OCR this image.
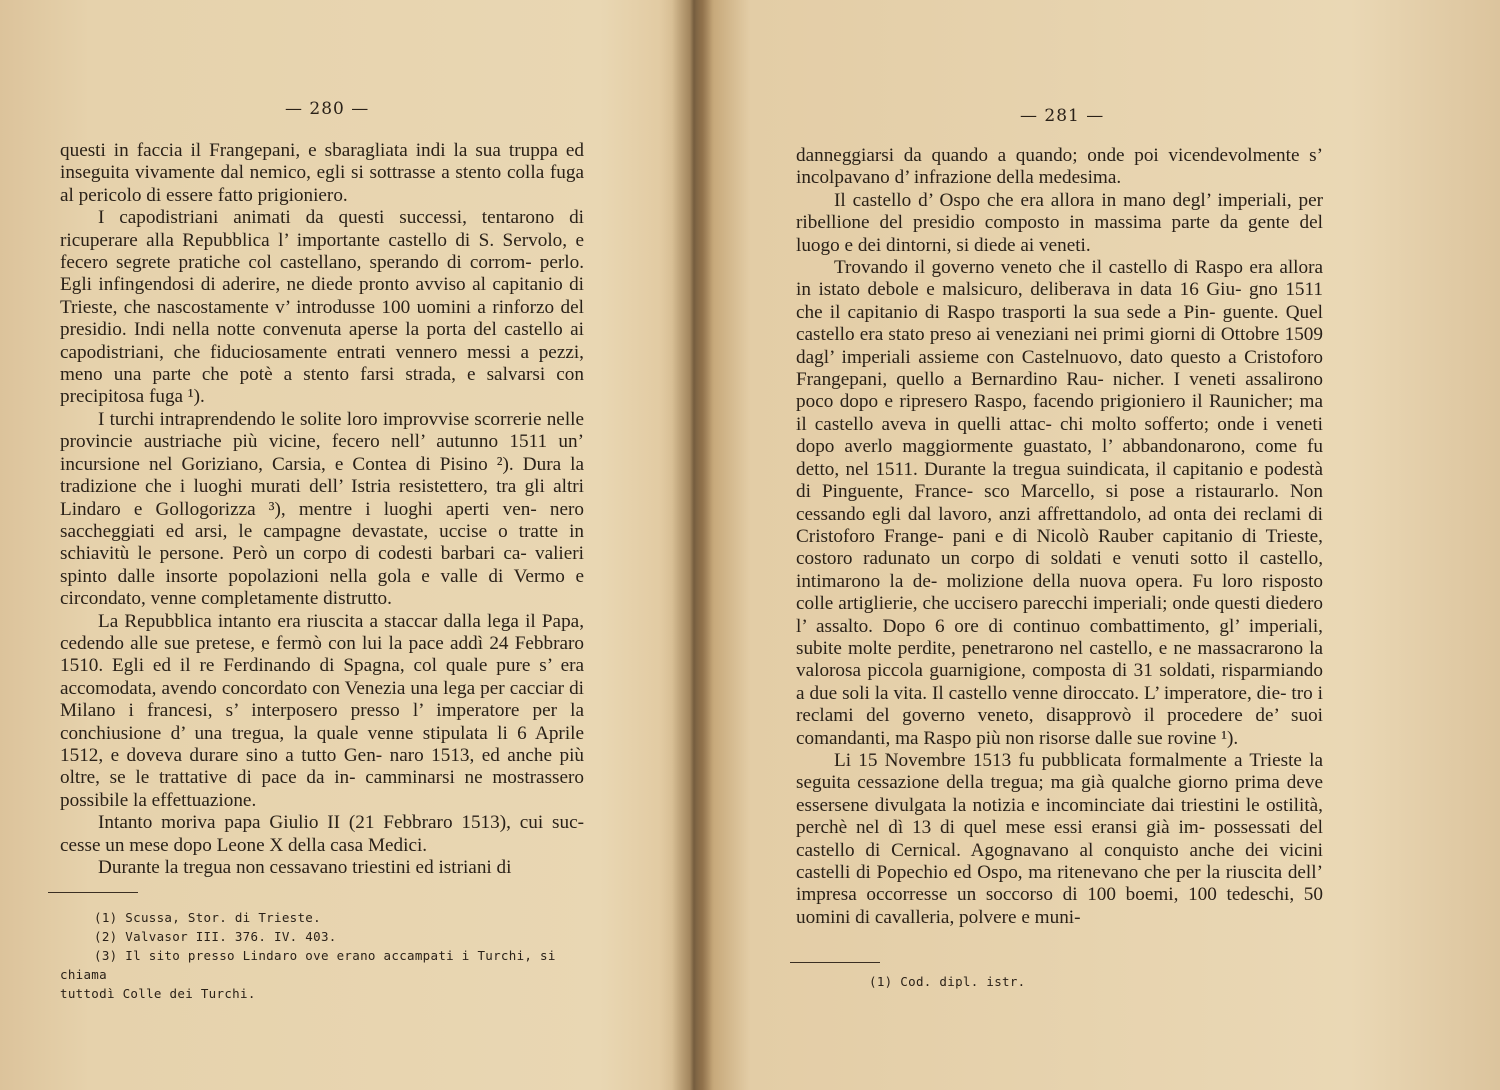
— 280 —

questi in faccia il Frangepani, e sbaragliata indi la sua truppa ed inseguita vivamente dal nemico, egli si sottrasse a stento colla fuga al pericolo di essere fatto prigioniero.

I capodistriani animati da questi successi, tentarono di ricuperare alla Repubblica l’ importante castello di S. Servolo, e fecero segrete pratiche col castellano, sperando di corrom- perlo. Egli infingendosi di aderire, ne diede pronto avviso al capitanio di Trieste, che nascostamente v’ introdusse 100 uomini a rinforzo del presidio. Indi nella notte convenuta aperse la porta del castello ai capodistriani, che fiduciosamente entrati vennero messi a pezzi, meno una parte che potè a stento farsi strada, e salvarsi con precipitosa fuga ¹).

I turchi intraprendendo le solite loro improvvise scorrerie nelle provincie austriache più vicine, fecero nell’ autunno 1511 un’ incursione nel Goriziano, Carsia, e Contea di Pisino ²). Dura la tradizione che i luoghi murati dell’ Istria resistettero, tra gli altri Lindaro e Gollogorizza ³), mentre i luoghi aperti ven- nero saccheggiati ed arsi, le campagne devastate, uccise o tratte in schiavitù le persone. Però un corpo di codesti barbari ca- valieri spinto dalle insorte popolazioni nella gola e valle di Vermo e circondato, venne completamente distrutto.

La Repubblica intanto era riuscita a staccar dalla lega il Papa, cedendo alle sue pretese, e fermò con lui la pace addì 24 Febbraro 1510. Egli ed il re Ferdinando di Spagna, col quale pure s’ era accomodata, avendo concordato con Venezia una lega per cacciar di Milano i francesi, s’ interposero presso l’ imperatore per la conchiusione d’ una tregua, la quale venne stipulata li 6 Aprile 1512, e doveva durare sino a tutto Gen- naro 1513, ed anche più oltre, se le trattative di pace da in- camminarsi ne mostrassero possibile la effettuazione.

Intanto moriva papa Giulio II (21 Febbraro 1513), cui suc- cesse un mese dopo Leone X della casa Medici.

Durante la tregua non cessavano triestini ed istriani di

(1) Scussa, Stor. di Trieste.
(2) Valvasor III. 376. IV. 403.
(3) Il sito presso Lindaro ove erano accampati i Turchi, si chiama
tuttodì Colle dei Turchi.
— 281 —

danneggiarsi da quando a quando; onde poi vicendevolmente s’ incolpavano d’ infrazione della medesima.

Il castello d’ Ospo che era allora in mano degl’ imperiali, per ribellione del presidio composto in massima parte da gente del luogo e dei dintorni, si diede ai veneti.

Trovando il governo veneto che il castello di Raspo era allora in istato debole e malsicuro, deliberava in data 16 Giu- gno 1511 che il capitanio di Raspo trasporti la sua sede a Pin- guente. Quel castello era stato preso ai veneziani nei primi giorni di Ottobre 1509 dagl’ imperiali assieme con Castelnuovo, dato questo a Cristoforo Frangepani, quello a Bernardino Rau- nicher. I veneti assalirono poco dopo e ripresero Raspo, facendo prigioniero il Raunicher; ma il castello aveva in quelli attac- chi molto sofferto; onde i veneti dopo averlo maggiormente guastato, l’ abbandonarono, come fu detto, nel 1511. Durante la tregua suindicata, il capitanio e podestà di Pinguente, France- sco Marcello, si pose a ristaurarlo. Non cessando egli dal lavoro, anzi affrettandolo, ad onta dei reclami di Cristoforo Frange- pani e di Nicolò Rauber capitanio di Trieste, costoro radunato un corpo di soldati e venuti sotto il castello, intimarono la de- molizione della nuova opera. Fu loro risposto colle artiglierie, che uccisero parecchi imperiali; onde questi diedero l’ assalto. Dopo 6 ore di continuo combattimento, gl’ imperiali, subite molte perdite, penetrarono nel castello, e ne massacrarono la valorosa piccola guarnigione, composta di 31 soldati, risparmiando a due soli la vita. Il castello venne diroccato. L’ imperatore, die- tro i reclami del governo veneto, disapprovò il procedere de’ suoi comandanti, ma Raspo più non risorse dalle sue rovine ¹).

Li 15 Novembre 1513 fu pubblicata formalmente a Trieste la seguita cessazione della tregua; ma già qualche giorno prima deve essersene divulgata la notizia e incominciate dai triestini le ostilità, perchè nel dì 13 di quel mese essi eransi già im- possessati del castello di Cernical. Agognavano al conquisto anche dei vicini castelli di Popechio ed Ospo, ma ritenevano che per la riuscita dell’ impresa occorresse un soccorso di 100 boemi, 100 tedeschi, 50 uomini di cavalleria, polvere e muni-

(1) Cod. dipl. istr.
